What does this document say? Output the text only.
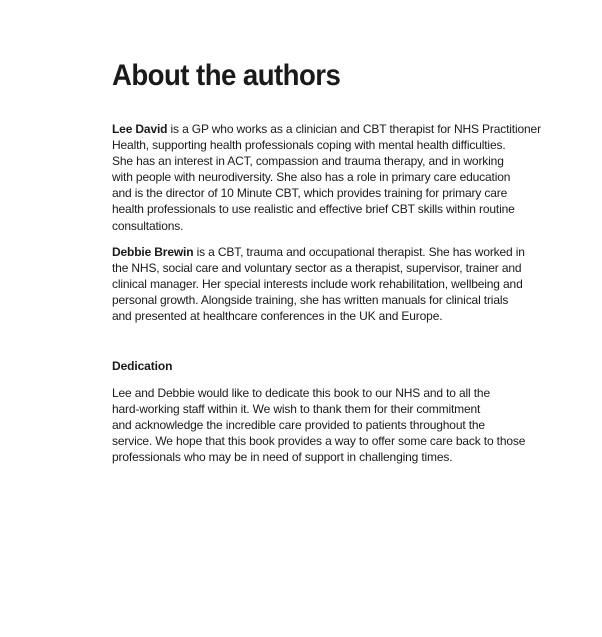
About the authors

Lee David is a GP who works as a clinician and CBT therapist for NHS Practitioner
Health, supporting health professionals coping with mental health difficulties.
She has an interest in ACT, compassion and trauma therapy, and in working
with people with neurodiversity. She also has a role in primary care education
and is the director of 10 Minute CBT, which provides training for primary care
health professionals to use realistic and effective brief CBT skills within routine
consultations.

Debbie Brewin is a CBT, trauma and occupational therapist. She has worked in
the NHS, social care and voluntary sector as a therapist, supervisor, trainer and
clinical manager. Her special interests include work rehabilitation, wellbeing and
personal growth. Alongside training, she has written manuals for clinical trials
and presented at healthcare conferences in the UK and Europe.

Dedication

Lee and Debbie would like to dedicate this book to our NHS and to all the
hard-working staff within it. We wish to thank them for their commitment
and acknowledge the incredible care provided to patients throughout the
service. We hope that this book provides a way to offer some care back to those
professionals who may be in need of support in challenging times.
